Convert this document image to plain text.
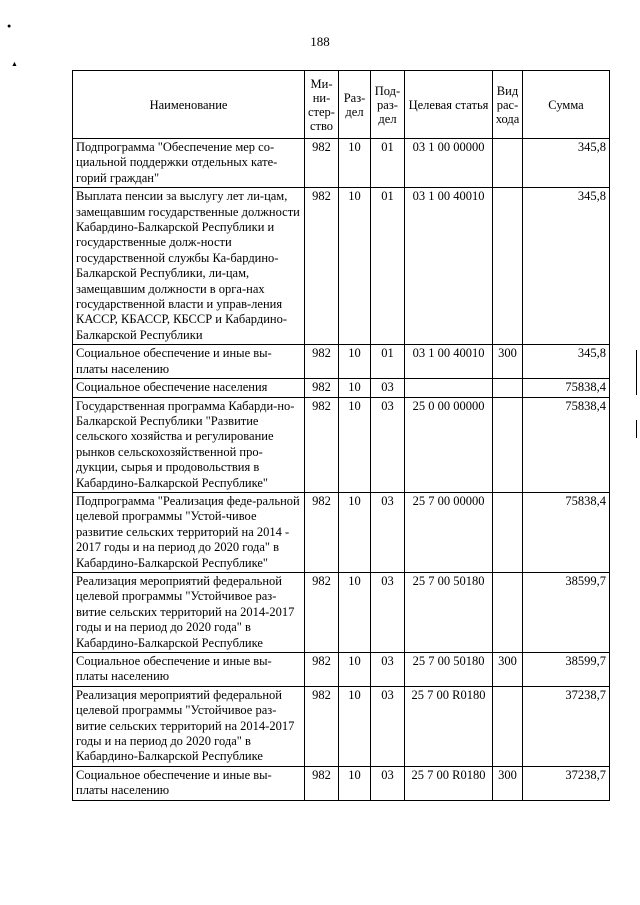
●
▲
188
Наименование	Ми-ни-стер-ство	Раз-дел	Под-раз-дел	Целевая статья	Вид рас-хода	Сумма
Подпрограмма "Обеспечение мер со-циальной поддержки отдельных кате-горий граждан"	982	10	01	03 1 00 00000		345,8
Выплата пенсии за выслугу лет ли-цам, замещавшим государственные должности Кабардино-Балкарской Республики и государственные долж-ности государственной службы Ка-бардино-Балкарской Республики, ли-цам, замещавшим должности в орга-нах государственной власти и управ-ления КАССР, КБАССР, КБССР и Кабардино-Балкарской Республики	982	10	01	03 1 00 40010		345,8
Социальное обеспечение и иные вы-платы населению	982	10	01	03 1 00 40010	300	345,8
Социальное обеспечение населения	982	10	03			75838,4
Государственная программа Кабарди-но-Балкарской Республики "Развитие сельского хозяйства и регулирование рынков сельскохозяйственной про-дукции, сырья и продовольствия в Кабардино-Балкарской Республике"	982	10	03	25 0 00 00000		75838,4
Подпрограмма "Реализация феде-ральной целевой программы "Устой-чивое развитие сельских территорий на 2014 - 2017 годы и на период до 2020 года" в Кабардино-Балкарской Республике"	982	10	03	25 7 00 00000		75838,4
Реализация мероприятий федеральной целевой программы "Устойчивое раз-витие сельских территорий на 2014-2017 годы и на период до 2020 года" в Кабардино-Балкарской Республике	982	10	03	25 7 00 50180		38599,7
Социальное обеспечение и иные вы-платы населению	982	10	03	25 7 00 50180	300	38599,7
Реализация мероприятий федеральной целевой программы "Устойчивое раз-витие сельских территорий на 2014-2017 годы и на период до 2020 года" в Кабардино-Балкарской Республике	982	10	03	25 7 00 R0180		37238,7
Социальное обеспечение и иные вы-платы населению	982	10	03	25 7 00 R0180	300	37238,7
